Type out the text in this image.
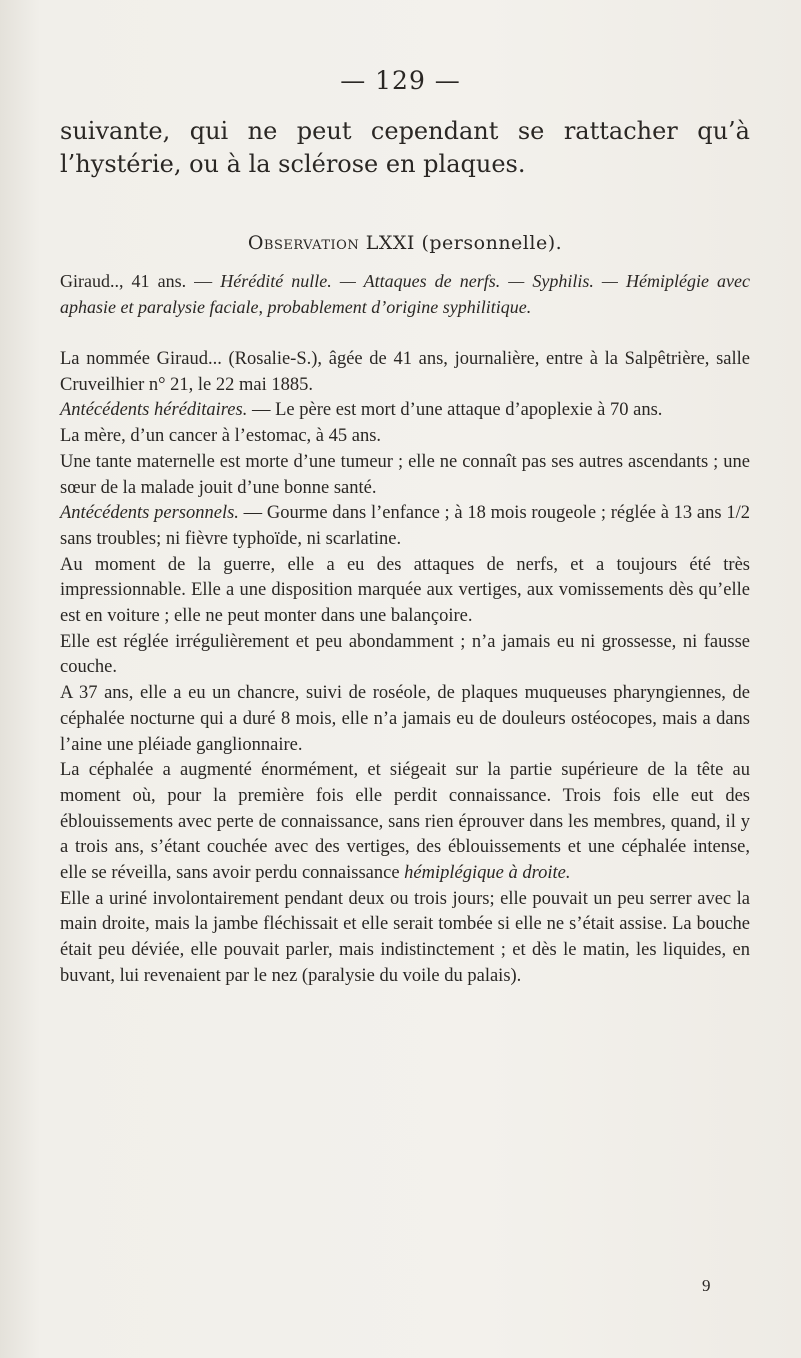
— 129 —

suivante, qui ne peut cependant se rattacher qu’à l’hystérie, ou à la sclérose en plaques.

Observation LXXI (personnelle).

Giraud.., 41 ans. — Hérédité nulle. — Attaques de nerfs. — Syphilis. — Hémiplégie avec aphasie et paralysie faciale, probablement d’origine syphilitique.

La nommée Giraud... (Rosalie-S.), âgée de 41 ans, journalière, entre à la Salpêtrière, salle Cruveilhier n° 21, le 22 mai 1885.

Antécédents héréditaires. — Le père est mort d’une attaque d’apoplexie à 70 ans.

La mère, d’un cancer à l’estomac, à 45 ans.

Une tante maternelle est morte d’une tumeur ; elle ne connaît pas ses autres ascendants ; une sœur de la malade jouit d’une bonne santé.

Antécédents personnels. — Gourme dans l’enfance ; à 18 mois rougeole ; réglée à 13 ans 1/2 sans troubles; ni fièvre typhoïde, ni scarlatine.

Au moment de la guerre, elle a eu des attaques de nerfs, et a toujours été très impressionnable. Elle a une disposition marquée aux vertiges, aux vomissements dès qu’elle est en voiture ; elle ne peut monter dans une balançoire.

Elle est réglée irrégulièrement et peu abondamment ; n’a jamais eu ni grossesse, ni fausse couche.

A 37 ans, elle a eu un chancre, suivi de roséole, de plaques muqueuses pharyngiennes, de céphalée nocturne qui a duré 8 mois, elle n’a jamais eu de douleurs ostéocopes, mais a dans l’aine une pléiade ganglionnaire.

La céphalée a augmenté énormément, et siégeait sur la partie supérieure de la tête au moment où, pour la première fois elle perdit connaissance. Trois fois elle eut des éblouissements avec perte de connaissance, sans rien éprouver dans les membres, quand, il y a trois ans, s’étant couchée avec des vertiges, des éblouissements et une céphalée intense, elle se réveilla, sans avoir perdu connaissance hémiplégique à droite.

Elle a uriné involontairement pendant deux ou trois jours; elle pouvait un peu serrer avec la main droite, mais la jambe fléchissait et elle serait tombée si elle ne s’était assise. La bouche était peu déviée, elle pouvait parler, mais indistinctement ; et dès le matin, les liquides, en buvant, lui revenaient par le nez (paralysie du voile du palais).

9
